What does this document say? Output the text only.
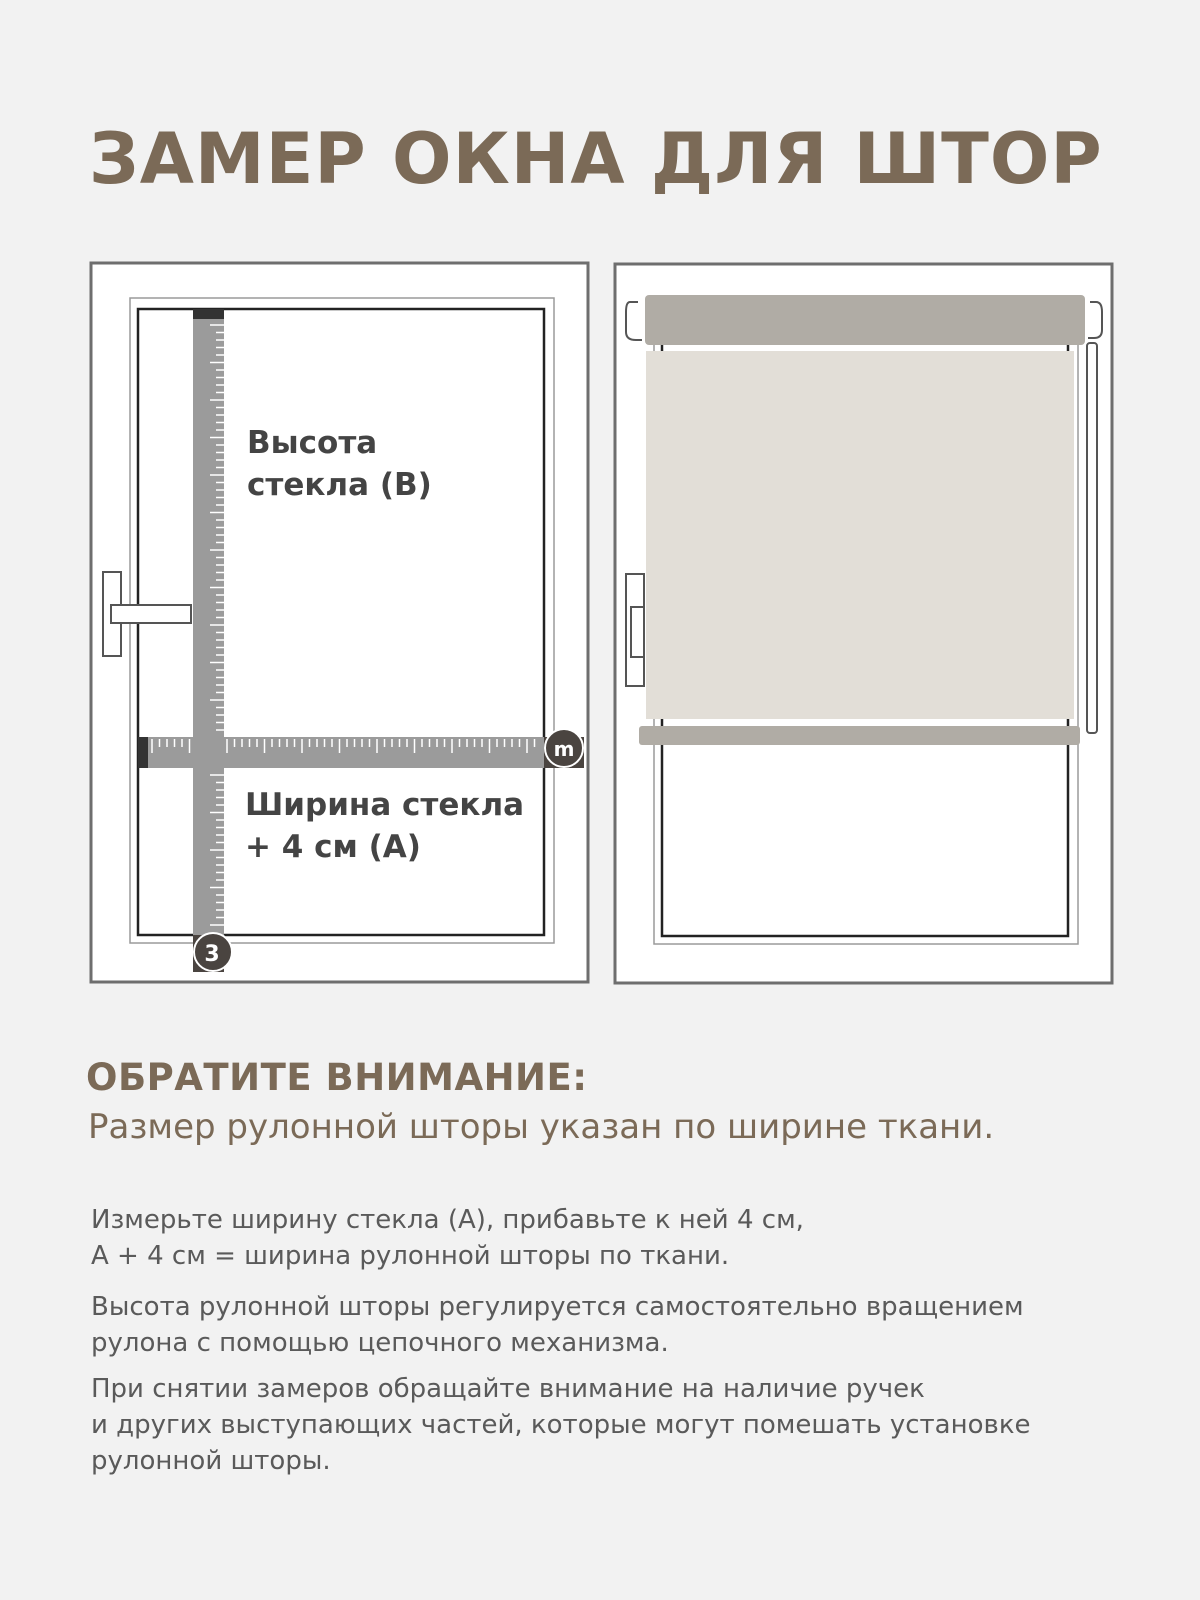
ЗАМЕР ОКНА ДЛЯ ШТОР
m
3
Высота
стекла (B)
Ширина стекла
+ 4 см (A)
ОБРАТИТЕ ВНИМАНИЕ:
Размер рулонной шторы указан по ширине ткани.
Измерьте ширину стекла (A), прибавьте к ней 4 см,
A + 4 см = ширина рулонной шторы по ткани.
Высота рулонной шторы регулируется самостоятельно вращением
рулона с помощью цепочного механизма.
При снятии замеров обращайте внимание на наличие ручек
и других выступающих частей, которые могут помешать установке
рулонной шторы.
